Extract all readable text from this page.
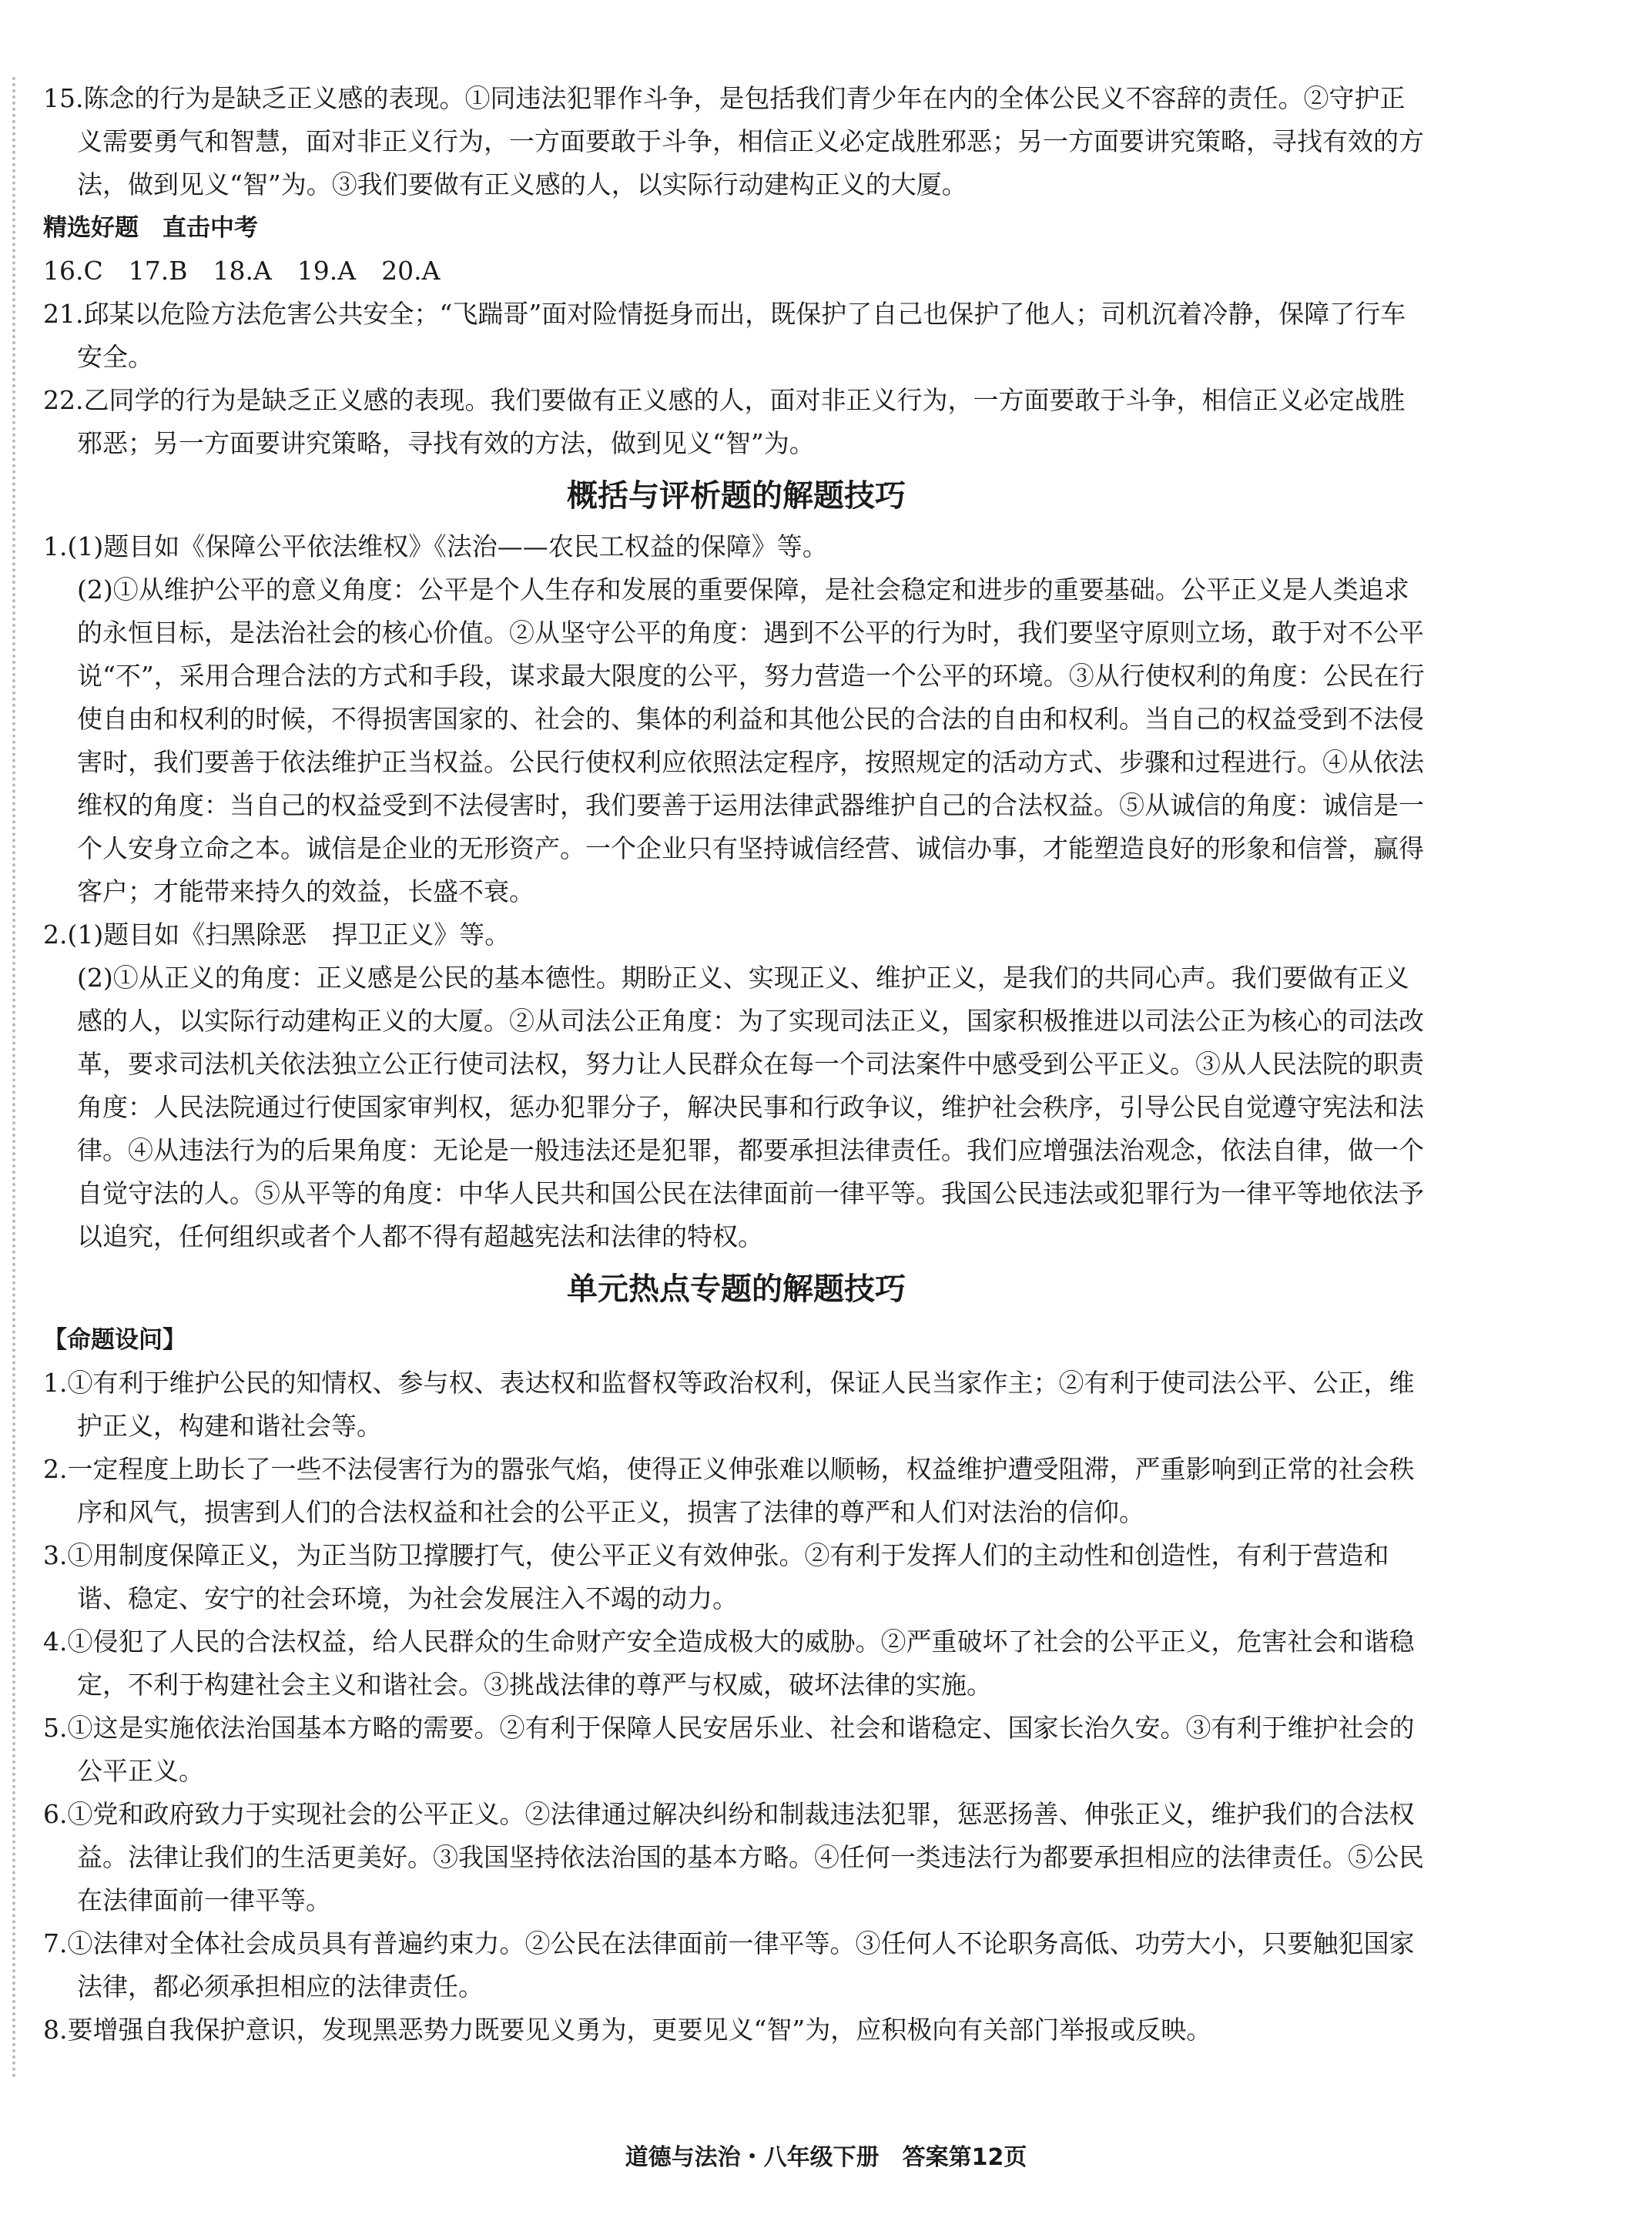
15.陈念的行为是缺乏正义感的表现。①同违法犯罪作斗争，是包括我们青少年在内的全体公民义不容辞的责任。②守护正义需要勇气和智慧，面对非正义行为，一方面要敢于斗争，相信正义必定战胜邪恶；另一方面要讲究策略，寻找有效的方法，做到见义“智”为。③我们要做有正义感的人，以实际行动建构正义的大厦。

精选好题　直击中考

16.C　17.B　18.A　19.A　20.A

21.邱某以危险方法危害公共安全；“飞踹哥”面对险情挺身而出，既保护了自己也保护了他人；司机沉着冷静，保障了行车安全。

22.乙同学的行为是缺乏正义感的表现。我们要做有正义感的人，面对非正义行为，一方面要敢于斗争，相信正义必定战胜邪恶；另一方面要讲究策略，寻找有效的方法，做到见义“智”为。

概括与评析题的解题技巧

1.(1)题目如《保障公平依法维权》《法治——农民工权益的保障》等。

(2)①从维护公平的意义角度：公平是个人生存和发展的重要保障，是社会稳定和进步的重要基础。公平正义是人类追求的永恒目标，是法治社会的核心价值。②从坚守公平的角度：遇到不公平的行为时，我们要坚守原则立场，敢于对不公平说“不”，采用合理合法的方式和手段，谋求最大限度的公平，努力营造一个公平的环境。③从行使权利的角度：公民在行使自由和权利的时候，不得损害国家的、社会的、集体的利益和其他公民的合法的自由和权利。当自己的权益受到不法侵害时，我们要善于依法维护正当权益。公民行使权利应依照法定程序，按照规定的活动方式、步骤和过程进行。④从依法维权的角度：当自己的权益受到不法侵害时，我们要善于运用法律武器维护自己的合法权益。⑤从诚信的角度：诚信是一个人安身立命之本。诚信是企业的无形资产。一个企业只有坚持诚信经营、诚信办事，才能塑造良好的形象和信誉，赢得客户；才能带来持久的效益，长盛不衰。

2.(1)题目如《扫黑除恶　捍卫正义》等。

(2)①从正义的角度：正义感是公民的基本德性。期盼正义、实现正义、维护正义，是我们的共同心声。我们要做有正义感的人，以实际行动建构正义的大厦。②从司法公正角度：为了实现司法正义，国家积极推进以司法公正为核心的司法改革，要求司法机关依法独立公正行使司法权，努力让人民群众在每一个司法案件中感受到公平正义。③从人民法院的职责角度：人民法院通过行使国家审判权，惩办犯罪分子，解决民事和行政争议，维护社会秩序，引导公民自觉遵守宪法和法律。④从违法行为的后果角度：无论是一般违法还是犯罪，都要承担法律责任。我们应增强法治观念，依法自律，做一个自觉守法的人。⑤从平等的角度：中华人民共和国公民在法律面前一律平等。我国公民违法或犯罪行为一律平等地依法予以追究，任何组织或者个人都不得有超越宪法和法律的特权。

单元热点专题的解题技巧

【命题设问】

1.①有利于维护公民的知情权、参与权、表达权和监督权等政治权利，保证人民当家作主；②有利于使司法公平、公正，维护正义，构建和谐社会等。

2.一定程度上助长了一些不法侵害行为的嚣张气焰，使得正义伸张难以顺畅，权益维护遭受阻滞，严重影响到正常的社会秩序和风气，损害到人们的合法权益和社会的公平正义，损害了法律的尊严和人们对法治的信仰。

3.①用制度保障正义，为正当防卫撑腰打气，使公平正义有效伸张。②有利于发挥人们的主动性和创造性，有利于营造和谐、稳定、安宁的社会环境，为社会发展注入不竭的动力。

4.①侵犯了人民的合法权益，给人民群众的生命财产安全造成极大的威胁。②严重破坏了社会的公平正义，危害社会和谐稳定，不利于构建社会主义和谐社会。③挑战法律的尊严与权威，破坏法律的实施。

5.①这是实施依法治国基本方略的需要。②有利于保障人民安居乐业、社会和谐稳定、国家长治久安。③有利于维护社会的公平正义。

6.①党和政府致力于实现社会的公平正义。②法律通过解决纠纷和制裁违法犯罪，惩恶扬善、伸张正义，维护我们的合法权益。法律让我们的生活更美好。③我国坚持依法治国的基本方略。④任何一类违法行为都要承担相应的法律责任。⑤公民在法律面前一律平等。

7.①法律对全体社会成员具有普遍约束力。②公民在法律面前一律平等。③任何人不论职务高低、功劳大小，只要触犯国家法律，都必须承担相应的法律责任。

8.要增强自我保护意识，发现黑恶势力既要见义勇为，更要见义“智”为，应积极向有关部门举报或反映。

道德与法治・八年级下册　答案第12页
